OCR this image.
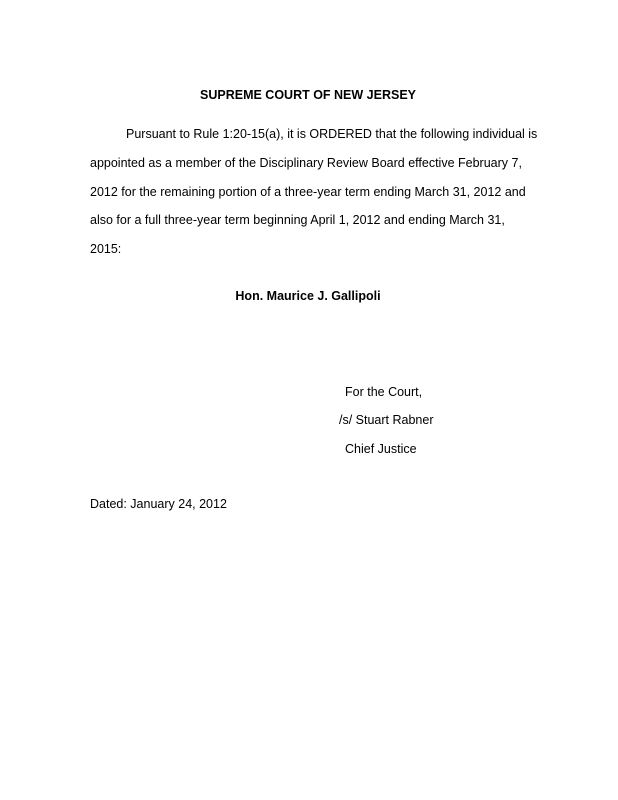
SUPREME COURT OF NEW JERSEY
Pursuant to Rule 1:20-15(a), it is ORDERED that the following individual is
appointed as a member of the Disciplinary Review Board effective February 7,
2012 for the remaining portion of a three-year term ending March 31, 2012 and
also for a full three-year term beginning April 1, 2012 and ending March 31,
2015:
Hon. Maurice J. Gallipoli
For the Court,
/s/ Stuart Rabner
Chief Justice
Dated: January 24, 2012
